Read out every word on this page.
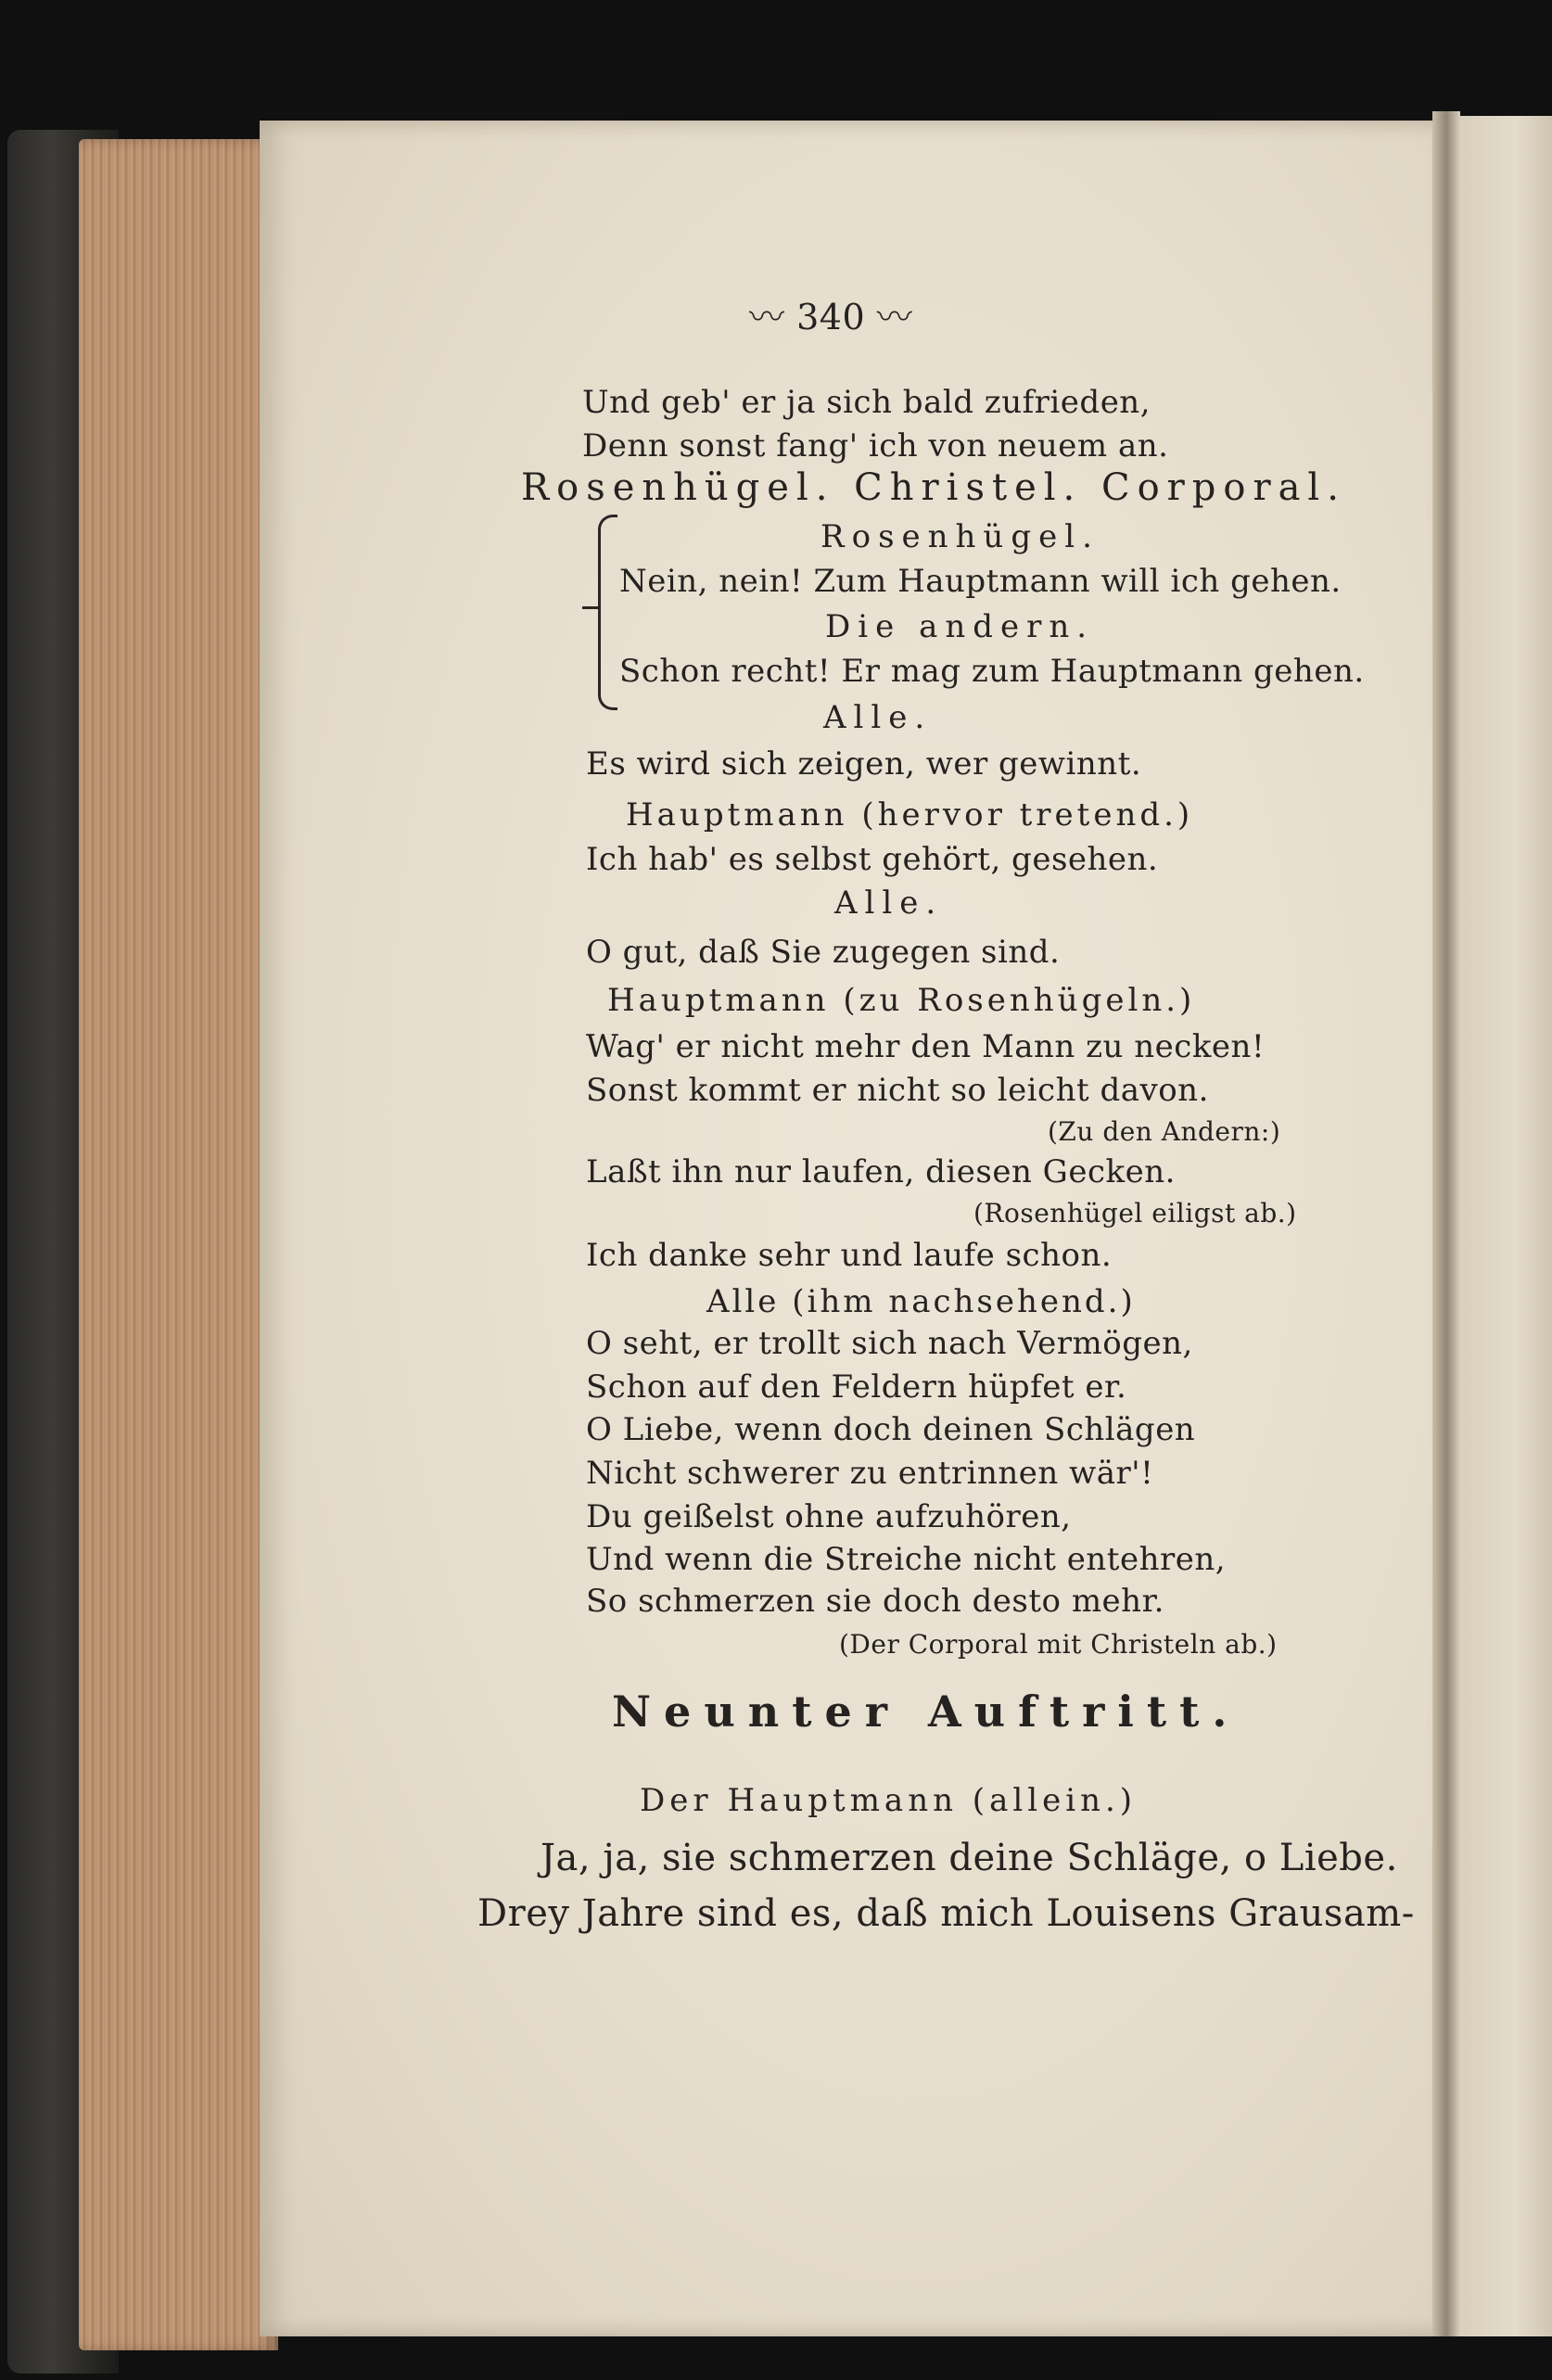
〰 340 〰
Und geb' er ja sich bald zufrieden,
Denn sonst fang' ich von neuem an.
Rosenhügel. Christel. Corporal.
Rosenhügel.
Nein, nein! Zum Hauptmann will ich gehen.
Die andern.
Schon recht! Er mag zum Hauptmann gehen.
Alle.
Es wird sich zeigen, wer gewinnt.
Hauptmann (hervor tretend.)
Ich hab' es selbst gehört, gesehen.
Alle.
O gut, daß Sie zugegen sind.
Hauptmann (zu Rosenhügeln.)
Wag' er nicht mehr den Mann zu necken!
Sonst kommt er nicht so leicht davon.
(Zu den Andern:)
Laßt ihn nur laufen, diesen Gecken.
(Rosenhügel eiligst ab.)
Ich danke sehr und laufe schon.
Alle (ihm nachsehend.)
O seht, er trollt sich nach Vermögen,
Schon auf den Feldern hüpfet er.
O Liebe, wenn doch deinen Schlägen
Nicht schwerer zu entrinnen wär'!
Du geißelst ohne aufzuhören,
Und wenn die Streiche nicht entehren,
So schmerzen sie doch desto mehr.
(Der Corporal mit Christeln ab.)
Neunter Auftritt.
Der Hauptmann (allein.)
Ja, ja, sie schmerzen deine Schläge, o Liebe.
Drey Jahre sind es, daß mich Louisens Grausam-
